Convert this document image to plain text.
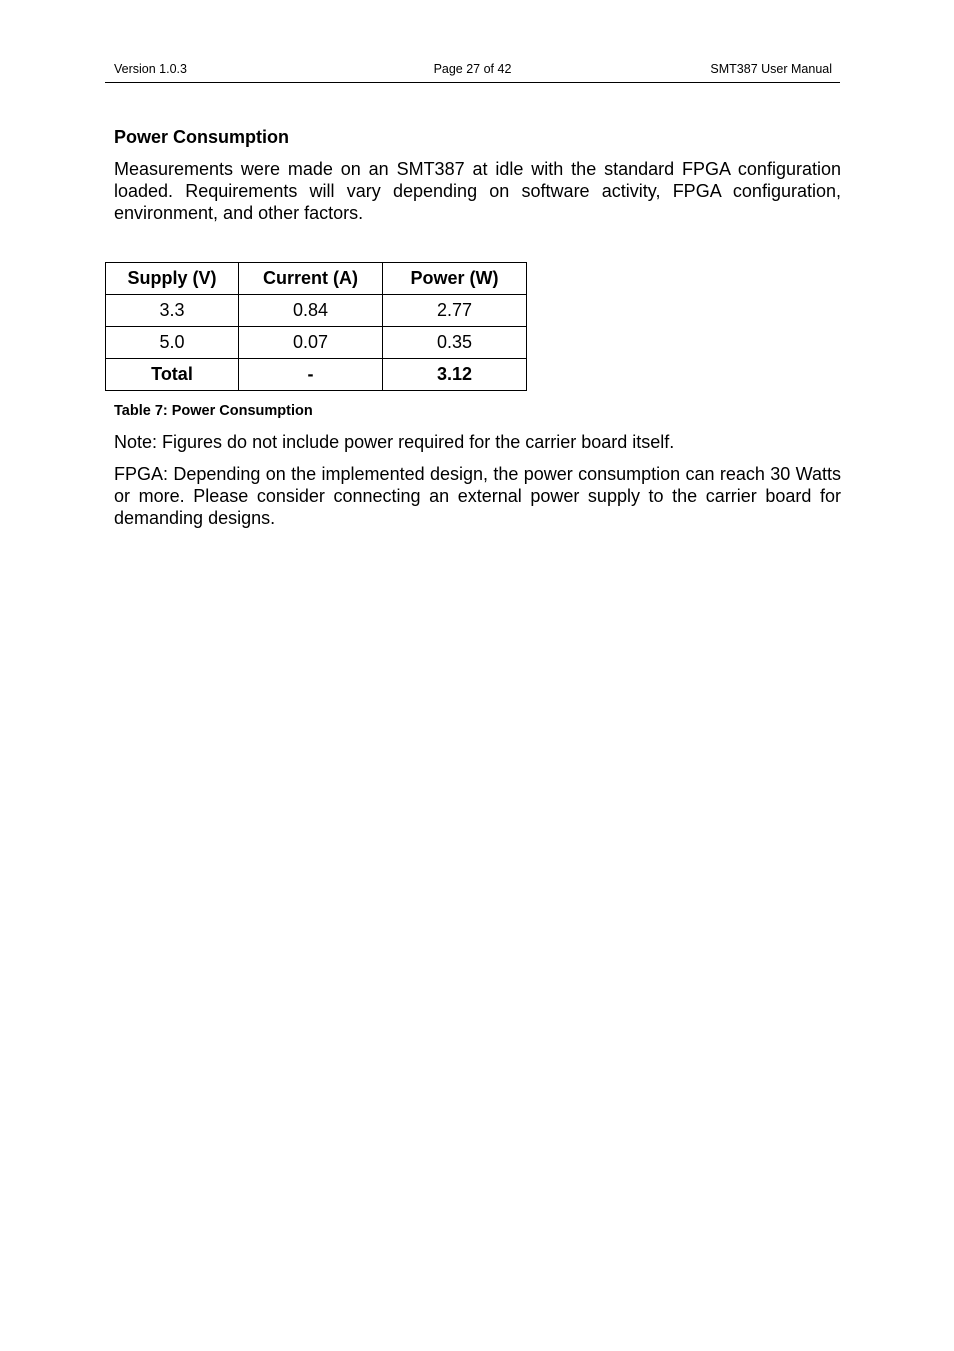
Version 1.0.3	Page 27 of 42	SMT387 User Manual
Power Consumption

Measurements were made on an SMT387 at idle with the standard FPGA configuration loaded. Requirements will vary depending on software activity, FPGA configuration, environment, and other factors.

Supply (V)	Current (A)	Power (W)
3.3	0.84	2.77
5.0	0.07	0.35
Total	-	3.12
Table 7: Power Consumption

Note: Figures do not include power required for the carrier board itself.

FPGA: Depending on the implemented design, the power consumption can reach 30 Watts or more. Please consider connecting an external power supply to the carrier board for demanding designs.
